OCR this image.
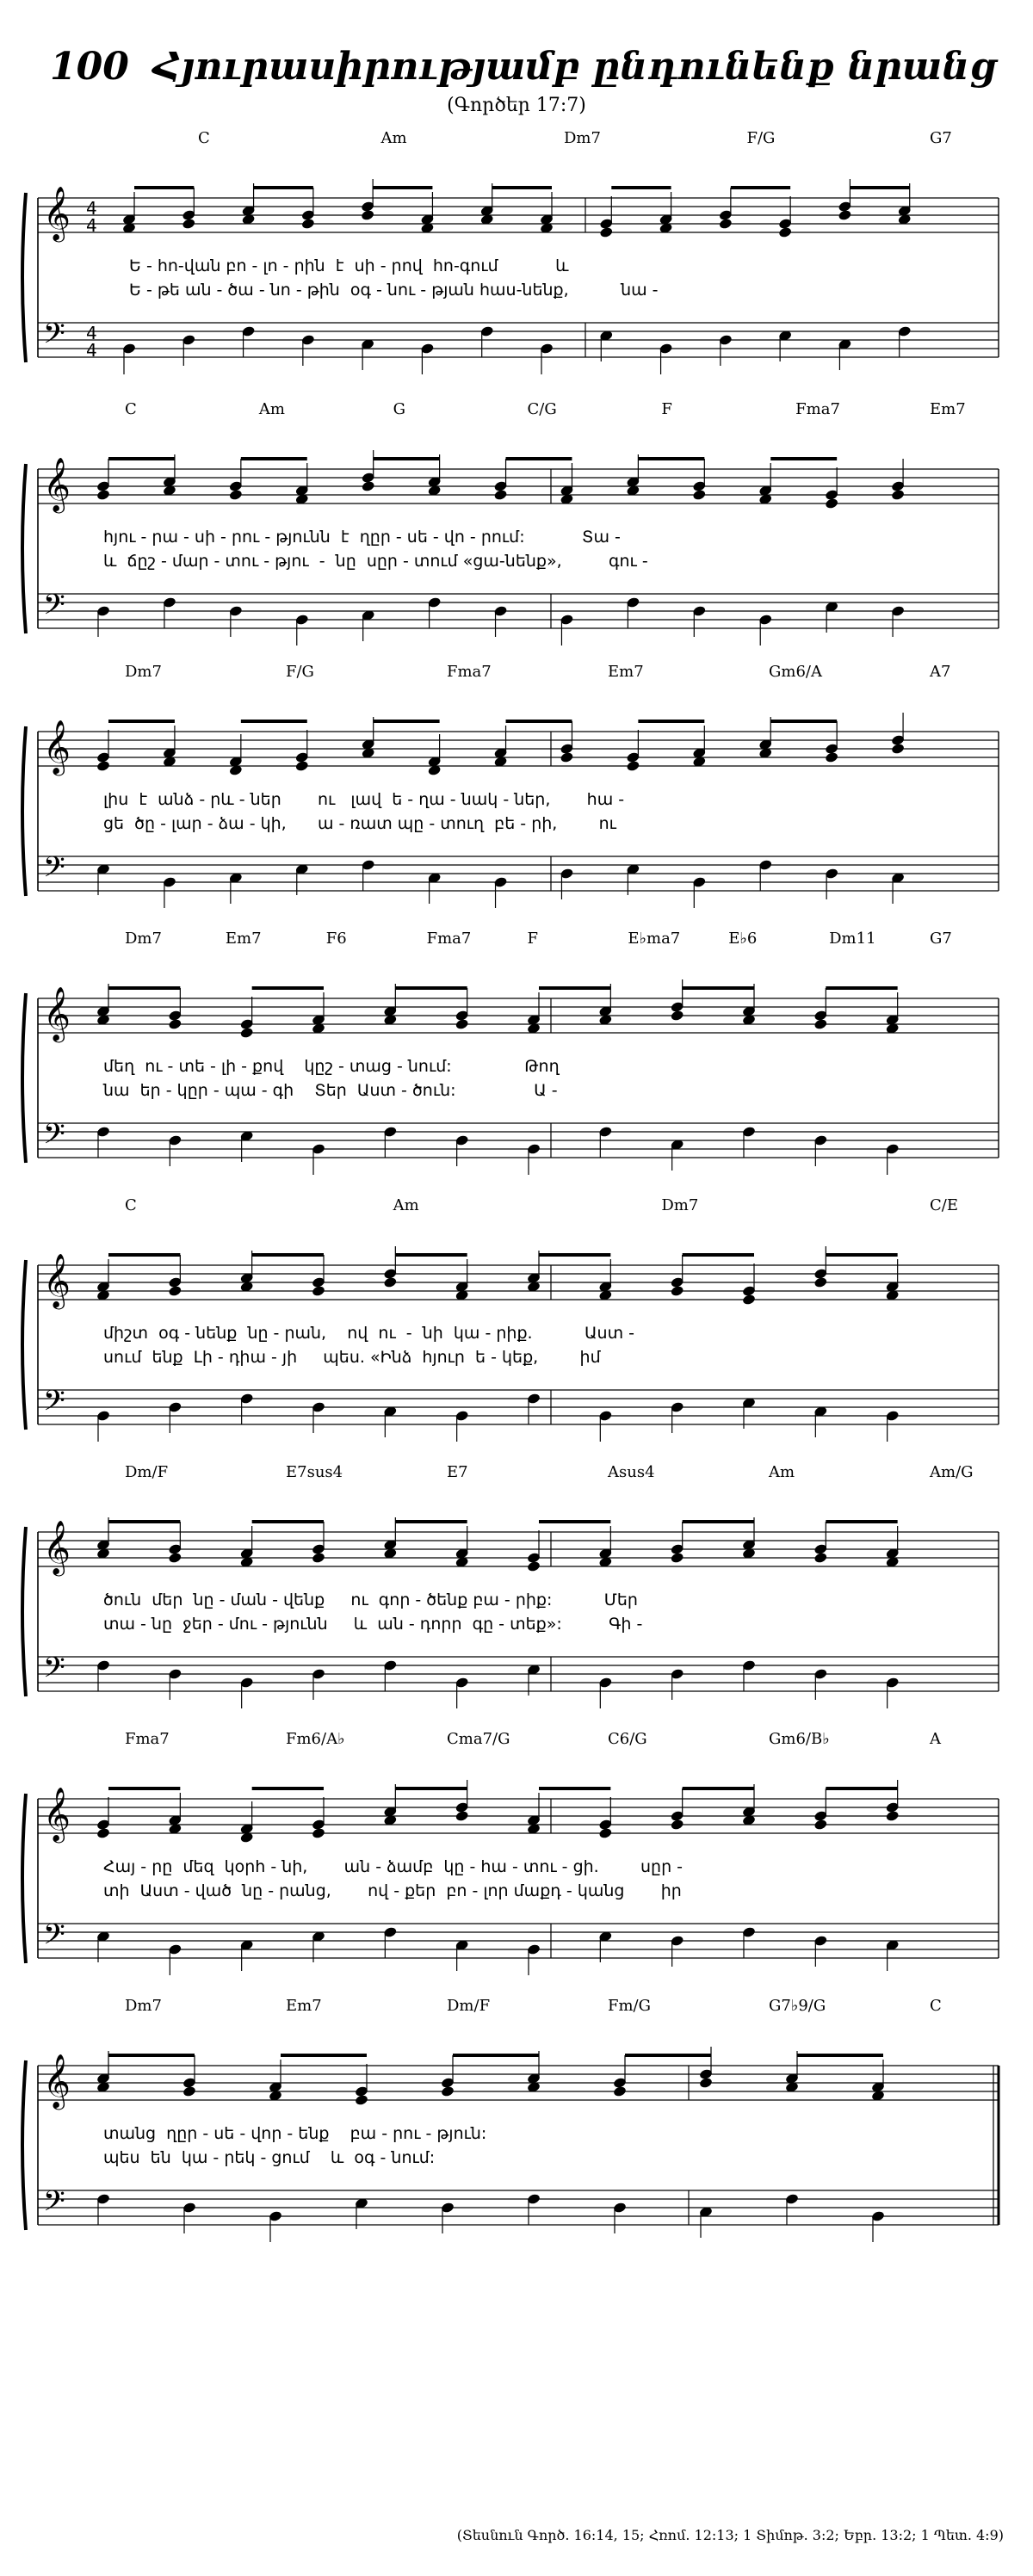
100 Հյուրասիրությամբ ընդունենք նրանց
(Գործեր 17:7)
𝄞
𝄢
4
4
4
4
C	Am	Dm7	F/G	G7
Ե - հո-վան բո - լո - րին  է  սի - րով  հո-գում           և
Ե - թե ան - ծա - նո - թին  օգ - նու - թյան հաս-նենք,          նա -
𝄞
𝄢
C	Am	G	C/G	F	Fma7	Em7
հյու - րա - սի - րու - թյունն  է  ղըր - սե - վո - րում:           Տա -
և  ճըշ - մար - տու - թյու  -  նը  սըր - տում «ցա-նենք»,         գու -
𝄞
𝄢
Dm7	F/G	Fma7	Em7	Gm6/A	A7
լիս  է  անձ - րև - ներ       ու   լավ  ե - ղա - նակ - ներ,       հա -
ցե  ծը - լար - ձա - կի,      ա - ռատ պը - տուղ  բե - րի,        ու
𝄞
𝄢
Dm7	Em7	F6	Fma7	F	E♭ma7	E♭6	Dm11	G7
մեղ  ու - տե - լի - քով    կըշ - տաց - նում:              Թող
նա  եր - կըր - պա - գի    Տեր  Աստ - ծուն:               Ա -
𝄞
𝄢
C	Am	Dm7	C/E
միշտ  օգ - նենք  նը - րան,    ով  ու  -  նի  կա - րիք.          Աստ -
սում  ենք  Լի - դիա - յի     պես. «Ինձ  հյուր  ե - կեք,        իմ
𝄞
𝄢
Dm/F	E7sus4	E7	Asus4	Am	Am/G
ծուն  մեր  նը - ման - վենք     ու  գոր - ծենք բա - րիք:          Մեր
տա - նը  ջեր - մու - թյունն     և  ան - դորր  գը - տեք»:         Գի -
𝄞
𝄢
Fma7	Fm6/A♭	Cma7/G	C6/G	Gm6/B♭	A
Հայ - րը  մեզ  կօրհ - նի,       ան - ձամբ  կը - հա - տու - ցի.        սըր -
տի  Աստ - ված  նը - րանց,       ով - քեր  բո - լոր մաքդ - կանց       իր
𝄞
𝄢
Dm7	Em7	Dm/F	Fm/G	G7♭9/G	C
տանց  ղըր - սե - վոր - ենք    բա - րու - թյուն:
պես  են  կա - րեկ - ցում    և  օգ - նում:
(Տեսնուն Գործ. 16:14, 15; Հռոմ. 12:13; 1 Տիմոթ. 3:2; Եբր. 13:2; 1 Պետ. 4:9)
